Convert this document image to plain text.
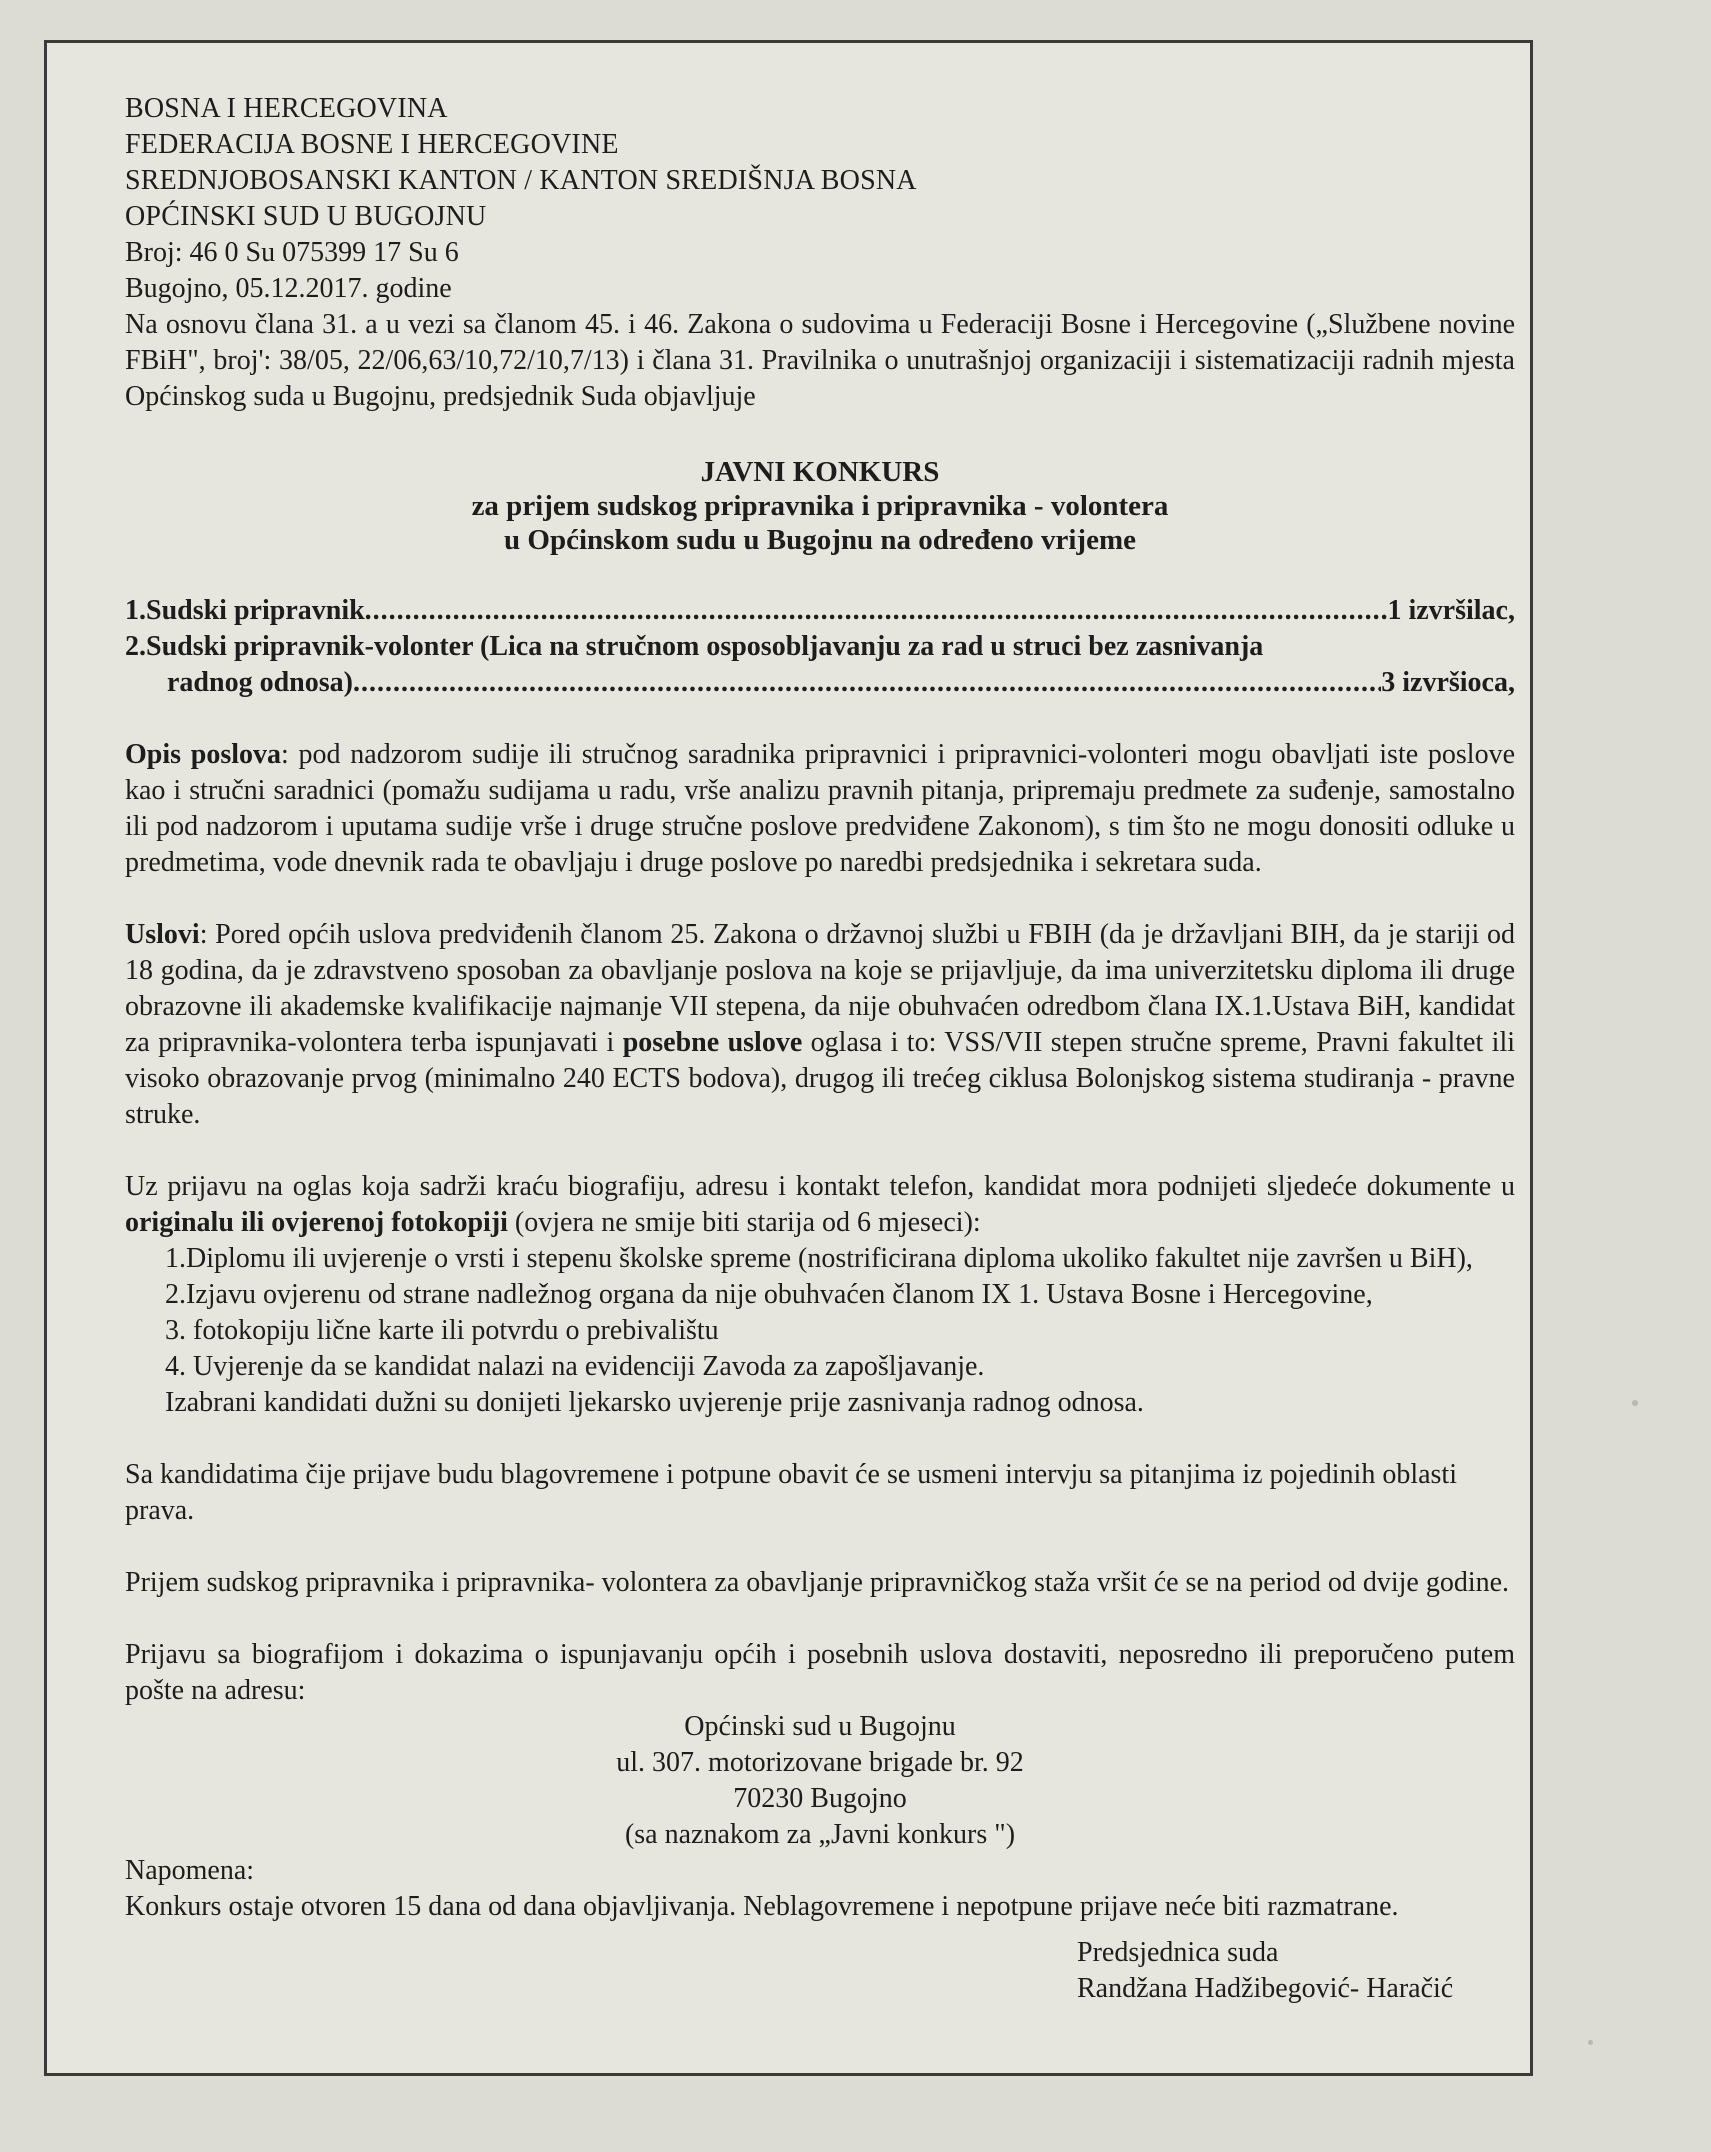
BOSNA I HERCEGOVINA

FEDERACIJA BOSNE I HERCEGOVINE

SREDNJOBOSANSKI KANTON / KANTON SREDIŠNJA BOSNA

OPĆINSKI SUD U BUGOJNU

Broj: 46 0 Su 075399 17 Su 6

Bugojno, 05.12.2017. godine

Na osnovu člana 31. a u vezi sa članom 45. i 46. Zakona o sudovima u Federaciji Bosne i Hercegovine („Službene novine FBiH", broj': 38/05, 22/06,63/10,72/10,7/13) i člana 31. Pravilnika o unutrašnjoj organizaciji i sistematizaciji radnih mjesta Općinskog suda u Bugojnu, predsjednik Suda objavljuje

JAVNI KONKURS

za prijem sudskog pripravnika i pripravnika - volontera

u Općinskom sudu u Bugojnu na određeno vrijeme

1.Sudski pripravnik .....	1 izvršilac,

2.Sudski pripravnik-volonter (Lica na stručnom osposobljavanju za rad u struci bez zasnivanja

radnog odnosa) .....	3 izvršioca,

Opis poslova: pod nadzorom sudije ili stručnog saradnika pripravnici i pripravnici-volonteri mogu obavljati iste poslove kao i stručni saradnici (pomažu sudijama u radu, vrše analizu pravnih pitanja, pripremaju predmete za suđenje, samostalno ili pod nadzorom i uputama sudije vrše i druge stručne poslove predviđene Zakonom), s tim što ne mogu donositi odluke u predmetima, vode dnevnik rada te obavljaju i druge poslove po naredbi predsjednika i sekretara suda.

Uslovi: Pored općih uslova predviđenih članom 25. Zakona o državnoj službi u FBIH (da je državljani BIH, da je stariji od 18 godina, da je zdravstveno sposoban za obavljanje poslova na koje se prijavljuje, da ima univerzitetsku diploma ili druge obrazovne ili akademske kvalifikacije najmanje VII stepena, da nije obuhvaćen odredbom člana IX.1.Ustava BiH, kandidat za pripravnika-volontera terba ispunjavati i posebne uslove oglasa i to: VSS/VII stepen stručne spreme, Pravni fakultet ili visoko obrazovanje prvog (minimalno 240 ECTS bodova), drugog ili trećeg ciklusa Bolonjskog sistema studiranja - pravne struke.

Uz prijavu na oglas koja sadrži kraću biografiju, adresu i kontakt telefon, kandidat mora podnijeti sljedeće dokumente u originalu ili ovjerenoj fotokopiji (ovjera ne smije biti starija od 6 mjeseci):

1.Diplomu ili uvjerenje o vrsti i stepenu školske spreme (nostrificirana diploma ukoliko fakultet nije završen u BiH),

2.Izjavu ovjerenu od strane nadležnog organa da nije obuhvaćen članom IX 1. Ustava Bosne i Hercegovine,

3. fotokopiju lične karte ili potvrdu o prebivalištu

4. Uvjerenje da se kandidat nalazi na evidenciji Zavoda za zapošljavanje.

Izabrani kandidati dužni su donijeti ljekarsko uvjerenje prije zasnivanja radnog odnosa.

Sa kandidatima čije prijave budu blagovremene i potpune obavit će se usmeni intervju sa pitanjima iz pojedinih oblasti prava.

Prijem sudskog pripravnika i pripravnika- volontera za obavljanje pripravničkog staža vršit će se na period od dvije godine.

Prijavu sa biografijom i dokazima o ispunjavanju općih i posebnih uslova dostaviti, neposredno ili preporučeno putem pošte na adresu:

Općinski sud u Bugojnu

ul. 307. motorizovane brigade br. 92

70230 Bugojno

(sa naznakom za „Javni konkurs ")

Napomena:

Konkurs ostaje otvoren 15 dana od dana objavljivanja. Neblagovremene i nepotpune prijave neće biti razmatrane.

Predsjednica suda

Randžana Hadžibegović- Haračić
